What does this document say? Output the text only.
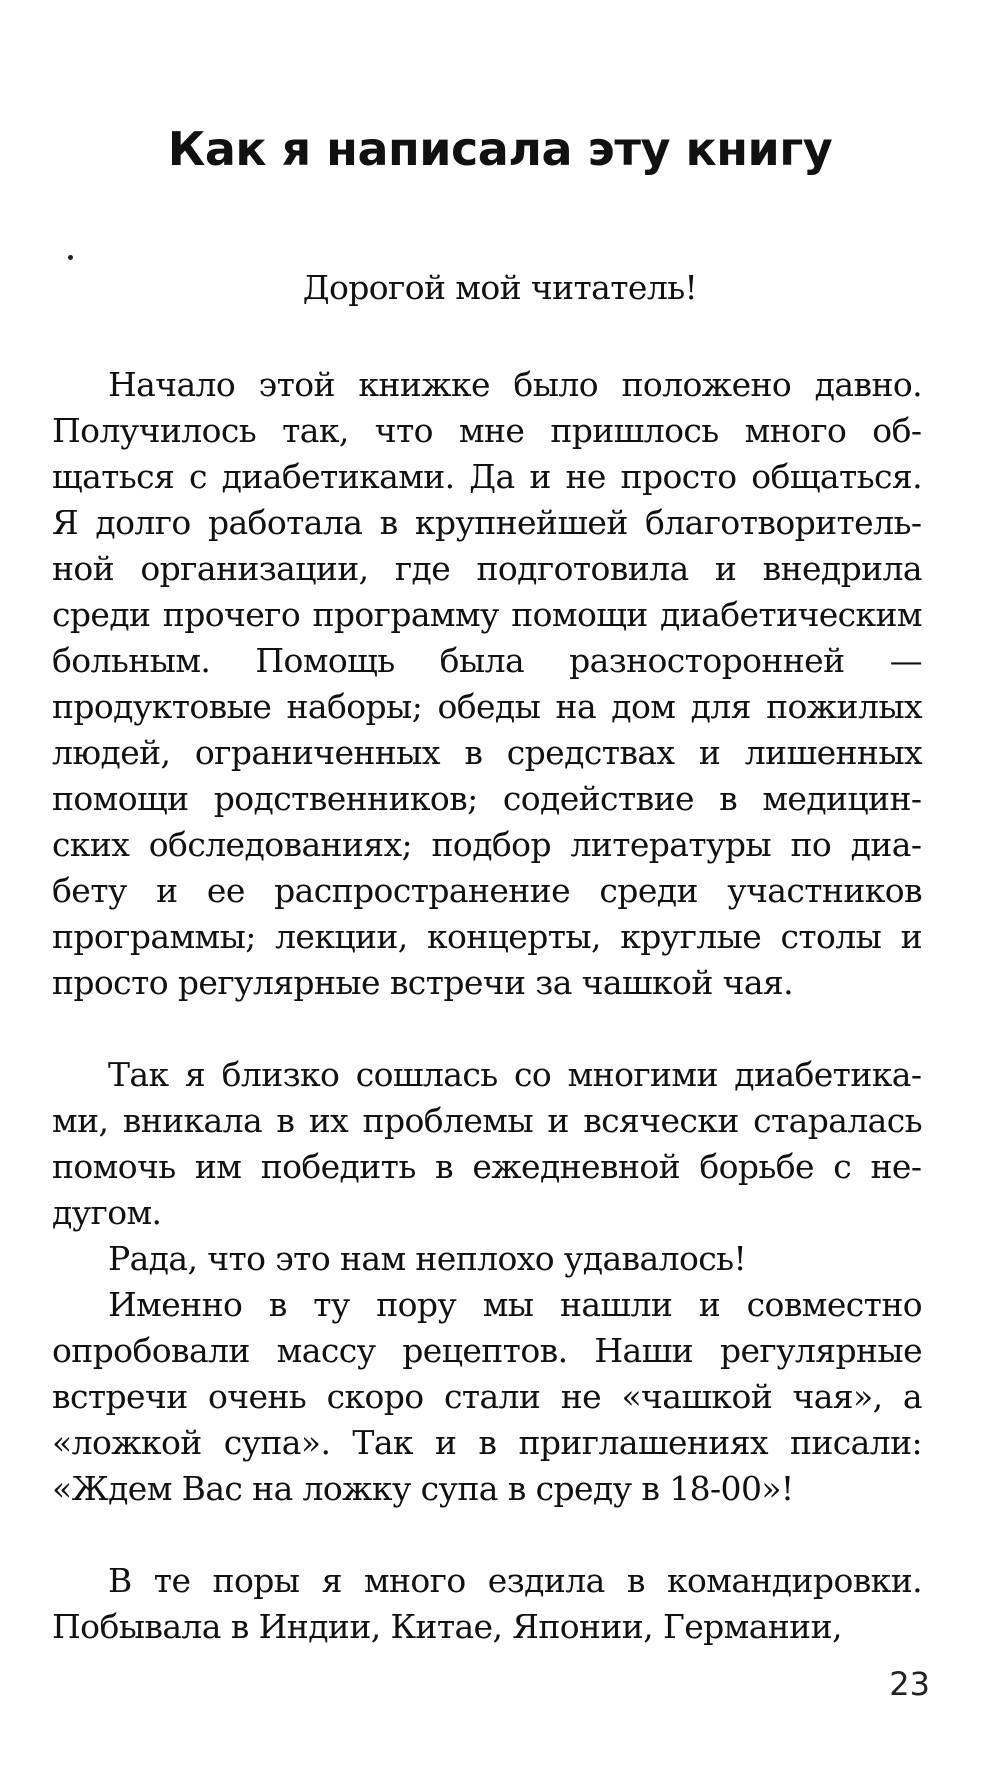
Как я написала эту книгу

Дорогой мой читатель!

Начало этой книжке было положено давно. Получилось так, что мне пришлось много общаться с диабетиками. Да и не просто общаться. Я долго работала в крупнейшей благотворительной организации, где подготовила и внедрила среди прочего программу помощи диабетическим больным. Помощь была разносторонней — продуктовые наборы; обеды на дом для пожилых людей, ограниченных в средствах и лишенных помощи родственников; содействие в медицинских обследованиях; подбор литературы по диабету и ее распространение среди участников программы; лекции, концерты, круглые столы и просто регулярные встречи за чашкой чая.

Так я близко сошлась со многими диабетиками, вникала в их проблемы и всячески старалась помочь им победить в ежедневной борьбе с недугом.

Рада, что это нам неплохо удавалось!

Именно в ту пору мы нашли и совместно опробовали массу рецептов. Наши регулярные встречи очень скоро стали не «чашкой чая», а «ложкой супа». Так и в приглашениях писали: «Ждем Вас на ложку супа в среду в 18-00»!

В те поры я много ездила в командировки. Побывала в Индии, Китае, Японии, Германии,

23
